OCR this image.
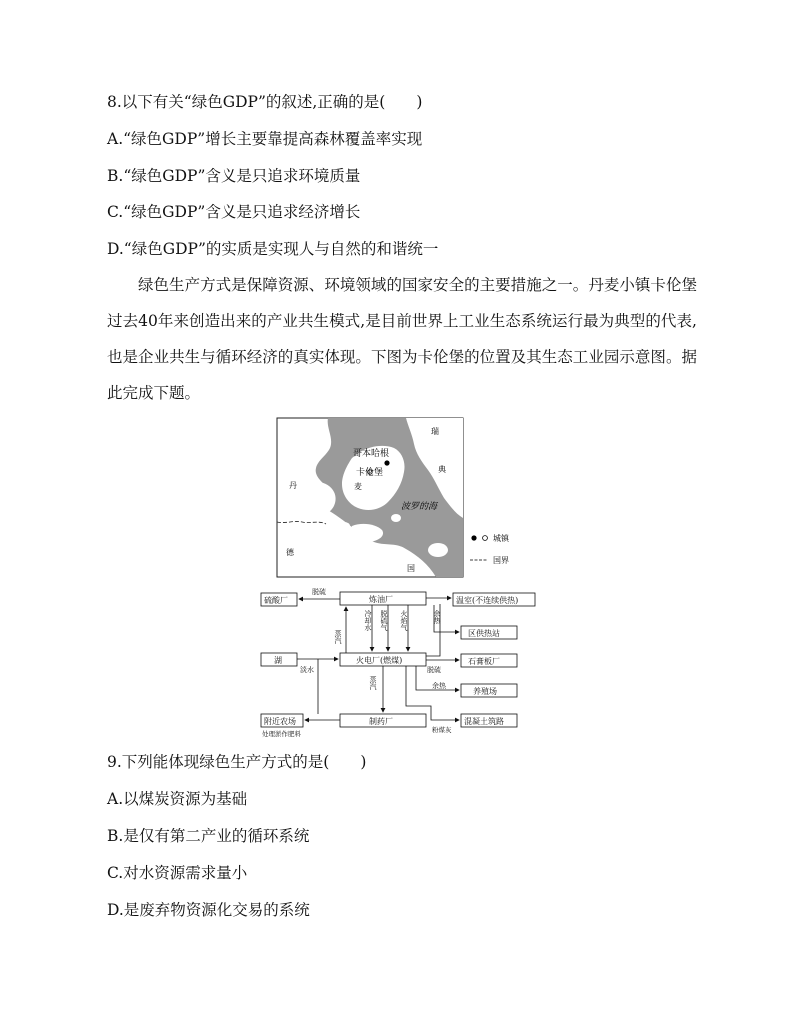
8.以下有关“绿色GDP”的叙述,正确的是(　　)
A.“绿色GDP”增长主要靠提高森林覆盖率实现
B.“绿色GDP”含义是只追求环境质量
C.“绿色GDP”含义是只追求经济增长
D.“绿色GDP”的实质是实现人与自然的和谐统一
绿色生产方式是保障资源、环境领域的国家安全的主要措施之一。丹麦小镇卡伦堡过去40年来创造出来的产业共生模式,是目前世界上工业生态系统运行最为典型的代表,也是企业共生与循环经济的真实体现。下图为卡伦堡的位置及其生态工业园示意图。据此完成下题。
瑞
典
丹	麦
德
国
哥本哈根
卡伦堡
波罗的海
城镇
国界
硫酸厂	炼油厂	温室(不连续供热)
区供热站
湖	火电厂(燃煤)	石膏板厂
养殖场
附近农场	制药厂	混凝土筑路
脱硫
淡水	脱硫
余热
粉煤灰
处理淤作肥料
蒸汽
冷却水 脱硫气 火焰气	余热
蒸汽
9.下列能体现绿色生产方式的是(　　)
A.以煤炭资源为基础
B.是仅有第二产业的循环系统
C.对水资源需求量小
D.是废弃物资源化交易的系统
